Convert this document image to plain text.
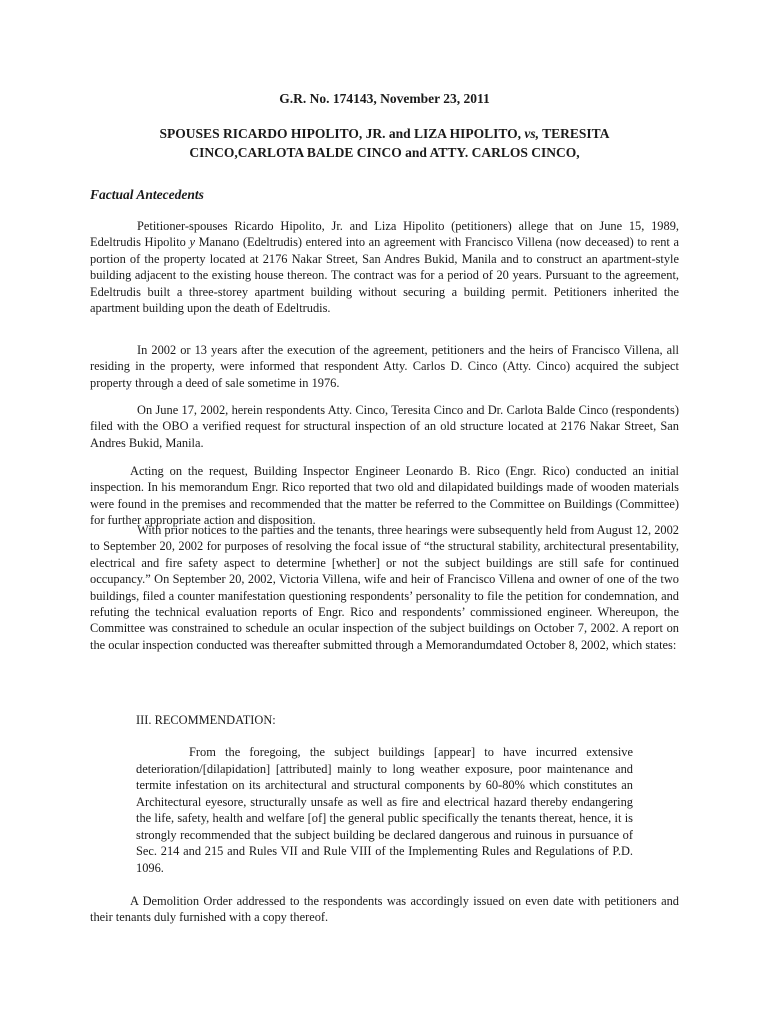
G.R. No. 174143, November 23, 2011

SPOUSES RICARDO HIPOLITO, JR. and LIZA HIPOLITO, vs, TERESITA
CINCO,CARLOTA BALDE CINCO and ATTY. CARLOS CINCO,

Factual Antecedents

Petitioner-spouses Ricardo Hipolito, Jr. and Liza Hipolito (petitioners) allege that on June 15, 1989, Edeltrudis Hipolito y Manano (Edeltrudis) entered into an agreement with Francisco Villena (now deceased) to rent a portion of the property located at 2176 Nakar Street, San Andres Bukid, Manila and to construct an apartment-style building adjacent to the existing house thereon. The contract was for a period of 20 years. Pursuant to the agreement, Edeltrudis built a three-storey apartment building without securing a building permit. Petitioners inherited the apartment building upon the death of Edeltrudis.

In 2002 or 13 years after the execution of the agreement, petitioners and the heirs of Francisco Villena, all residing in the property, were informed that respondent Atty. Carlos D. Cinco (Atty. Cinco) acquired the subject property through a deed of sale sometime in 1976.

On June 17, 2002, herein respondents Atty. Cinco, Teresita Cinco and Dr. Carlota Balde Cinco (respondents) filed with the OBO a verified request for structural inspection of an old structure located at 2176 Nakar Street, San Andres Bukid, Manila.

Acting on the request, Building Inspector Engineer Leonardo B. Rico (Engr. Rico) conducted an initial inspection. In his memorandum Engr. Rico reported that two old and dilapidated buildings made of wooden materials were found in the premises and recommended that the matter be referred to the Committee on Buildings (Committee) for further appropriate action and disposition.

With prior notices to the parties and the tenants, three hearings were subsequently held from August 12, 2002 to September 20, 2002 for purposes of resolving the focal issue of “the structural stability, architectural presentability, electrical and fire safety aspect to determine [whether] or not the subject buildings are still safe for continued occupancy.” On September 20, 2002, Victoria Villena, wife and heir of Francisco Villena and owner of one of the two buildings, filed a counter manifestation questioning respondents’ personality to file the petition for condemnation, and refuting the technical evaluation reports of Engr. Rico and respondents’ commissioned engineer. Whereupon, the Committee was constrained to schedule an ocular inspection of the subject buildings on October 7, 2002. A report on the ocular inspection conducted was thereafter submitted through a Memorandumdated October 8, 2002, which states:

III. RECOMMENDATION:

From the foregoing, the subject buildings [appear] to have incurred extensive deterioration/[dilapidation] [attributed] mainly to long weather exposure, poor maintenance and termite infestation on its architectural and structural components by 60-80% which constitutes an Architectural eyesore, structurally unsafe as well as fire and electrical hazard thereby endangering the life, safety, health and welfare [of] the general public specifically the tenants thereat, hence, it is strongly recommended that the subject building be declared dangerous and ruinous in pursuance of Sec. 214 and 215 and Rules VII and Rule VIII of the Implementing Rules and Regulations of P.D. 1096.

A Demolition Order addressed to the respondents was accordingly issued on even date with petitioners and their tenants duly furnished with a copy thereof.
